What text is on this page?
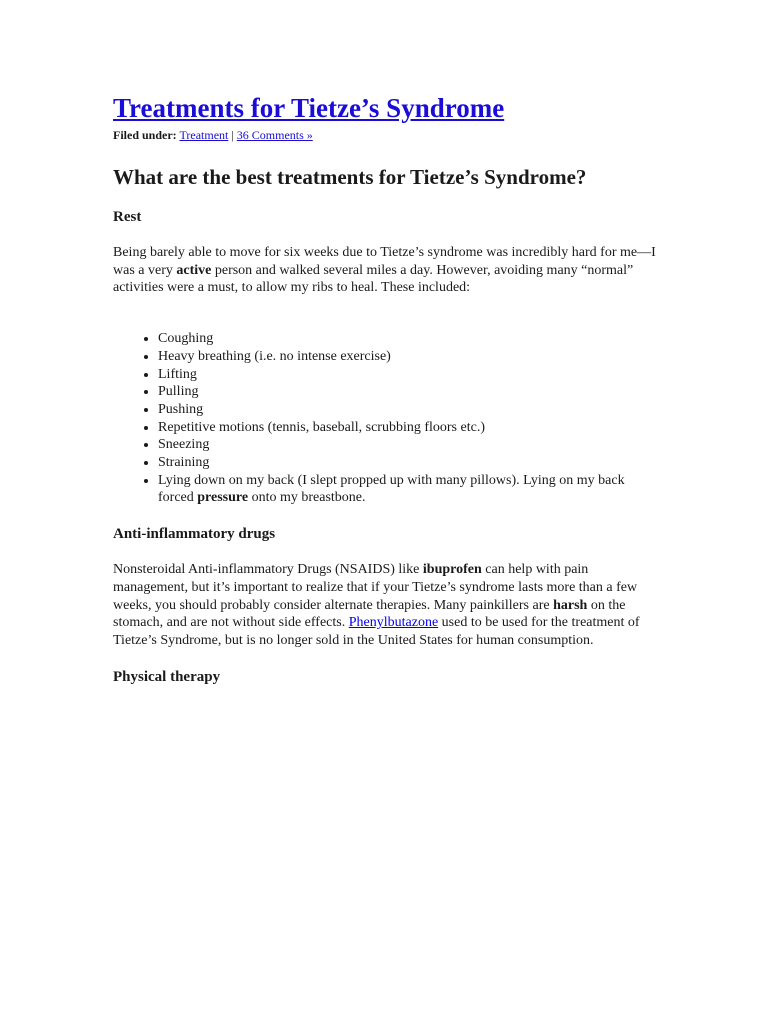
Treatments for Tietze’s Syndrome
Filed under: Treatment | 36 Comments »
What are the best treatments for Tietze’s Syndrome?
Rest

Being barely able to move for six weeks due to Tietze’s syndrome was incredibly hard for me—I was a very active person and walked several miles a day. However, avoiding many “normal” activities were a must, to allow my ribs to heal. These included:

• Coughing
• Heavy breathing (i.e. no intense exercise)
• Lifting
• Pulling
• Pushing
• Repetitive motions (tennis, baseball, scrubbing floors etc.)
• Sneezing
• Straining
• Lying down on my back (I slept propped up with many pillows). Lying on my back forced pressure onto my breastbone.
Anti-inflammatory drugs

Nonsteroidal Anti-inflammatory Drugs (NSAIDS) like ibuprofen can help with pain management, but it’s important to realize that if your Tietze’s syndrome lasts more than a few weeks, you should probably consider alternate therapies. Many painkillers are harsh on the stomach, and are not without side effects. Phenylbutazone used to be used for the treatment of Tietze’s Syndrome, but is no longer sold in the United States for human consumption.

Physical therapy
